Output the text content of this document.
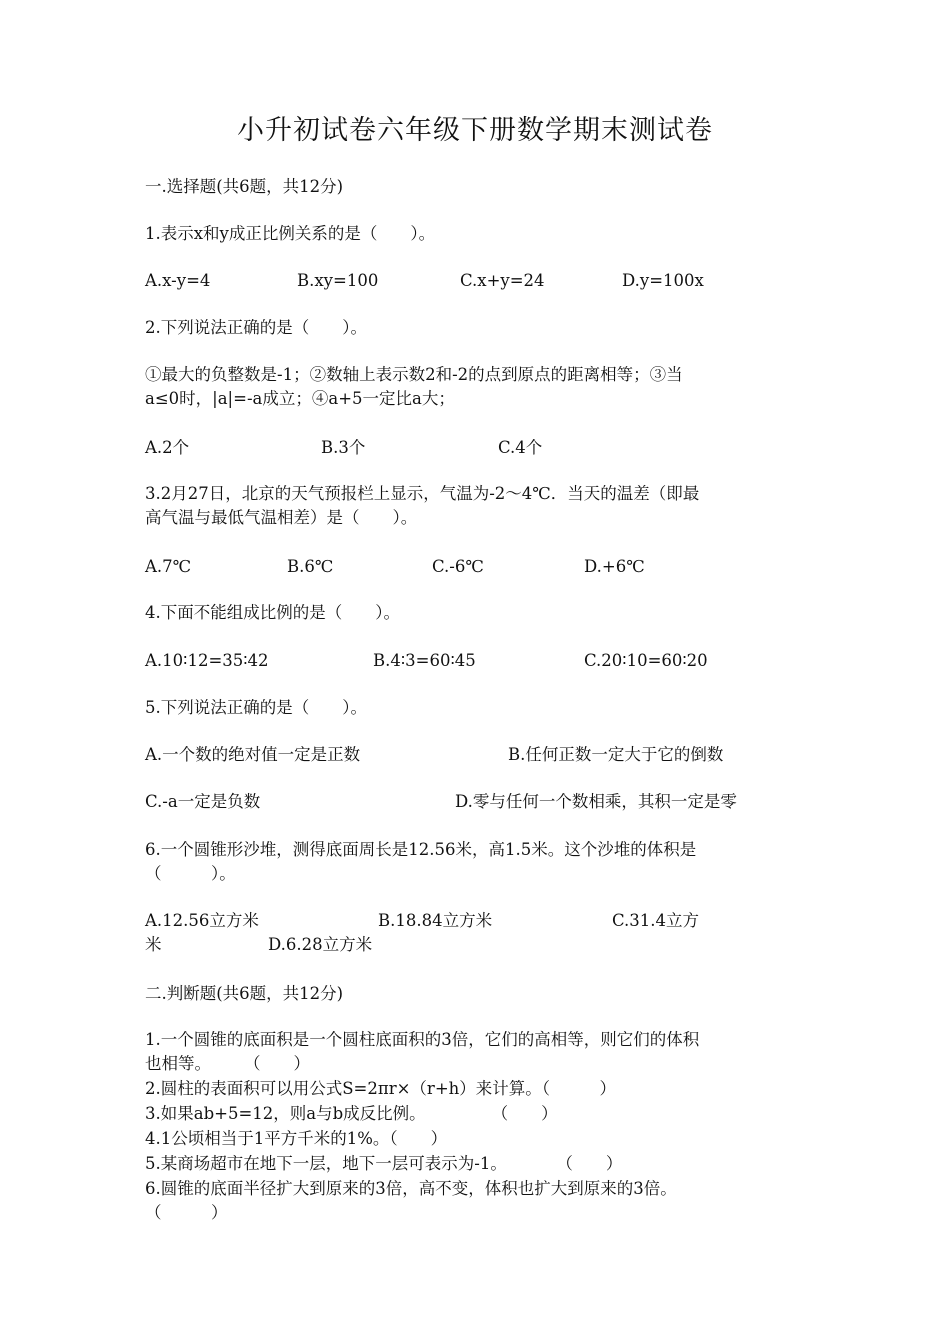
小升初试卷六年级下册数学期末测试卷
一.选择题(共6题，共12分)
1.表示x和y成正比例关系的是（　　）。
A.x-y=4	B.xy=100	C.x+y=24	D.y=100x
2.下列说法正确的是（　　）。
①最大的负整数是-1；②数轴上表示数2和-2的点到原点的距离相等；③当
a≤0时，|a|=-a成立；④a+5一定比a大；
A.2个	B.3个	C.4个
3.2月27日，北京的天气预报栏上显示，气温为-2～4℃．当天的温差（即最
高气温与最低气温相差）是（　　）。
A.7℃	B.6℃	C.-6℃	D.+6℃
4.下面不能组成比例的是（　　）。
A.10∶12=35∶42	B.4∶3=60∶45	C.20∶10=60∶20
5.下列说法正确的是（　　）。
A.一个数的绝对值一定是正数	B.任何正数一定大于它的倒数
C.-a一定是负数	D.零与任何一个数相乘，其积一定是零
6.一个圆锥形沙堆，测得底面周长是12.56米，高1.5米。这个沙堆的体积是
（　　　）。
A.12.56立方米	B.18.84立方米	C.31.4立方
米	D.6.28立方米
二.判断题(共6题，共12分)
1.一个圆锥的底面积是一个圆柱底面积的3倍，它们的高相等，则它们的体积
也相等。　　　（　　）
2.圆柱的表面积可以用公式S=2πr×（r+h）来计算。（　　　）
3.如果ab+5=12，则a与b成反比例。　　　　　（　　）
4.1公顷相当于1平方千米的1%。（　　）
5.某商场超市在地下一层，地下一层可表示为-1。　　　　（　　）
6.圆锥的底面半径扩大到原来的3倍，高不变，体积也扩大到原来的3倍。
（　　　）
